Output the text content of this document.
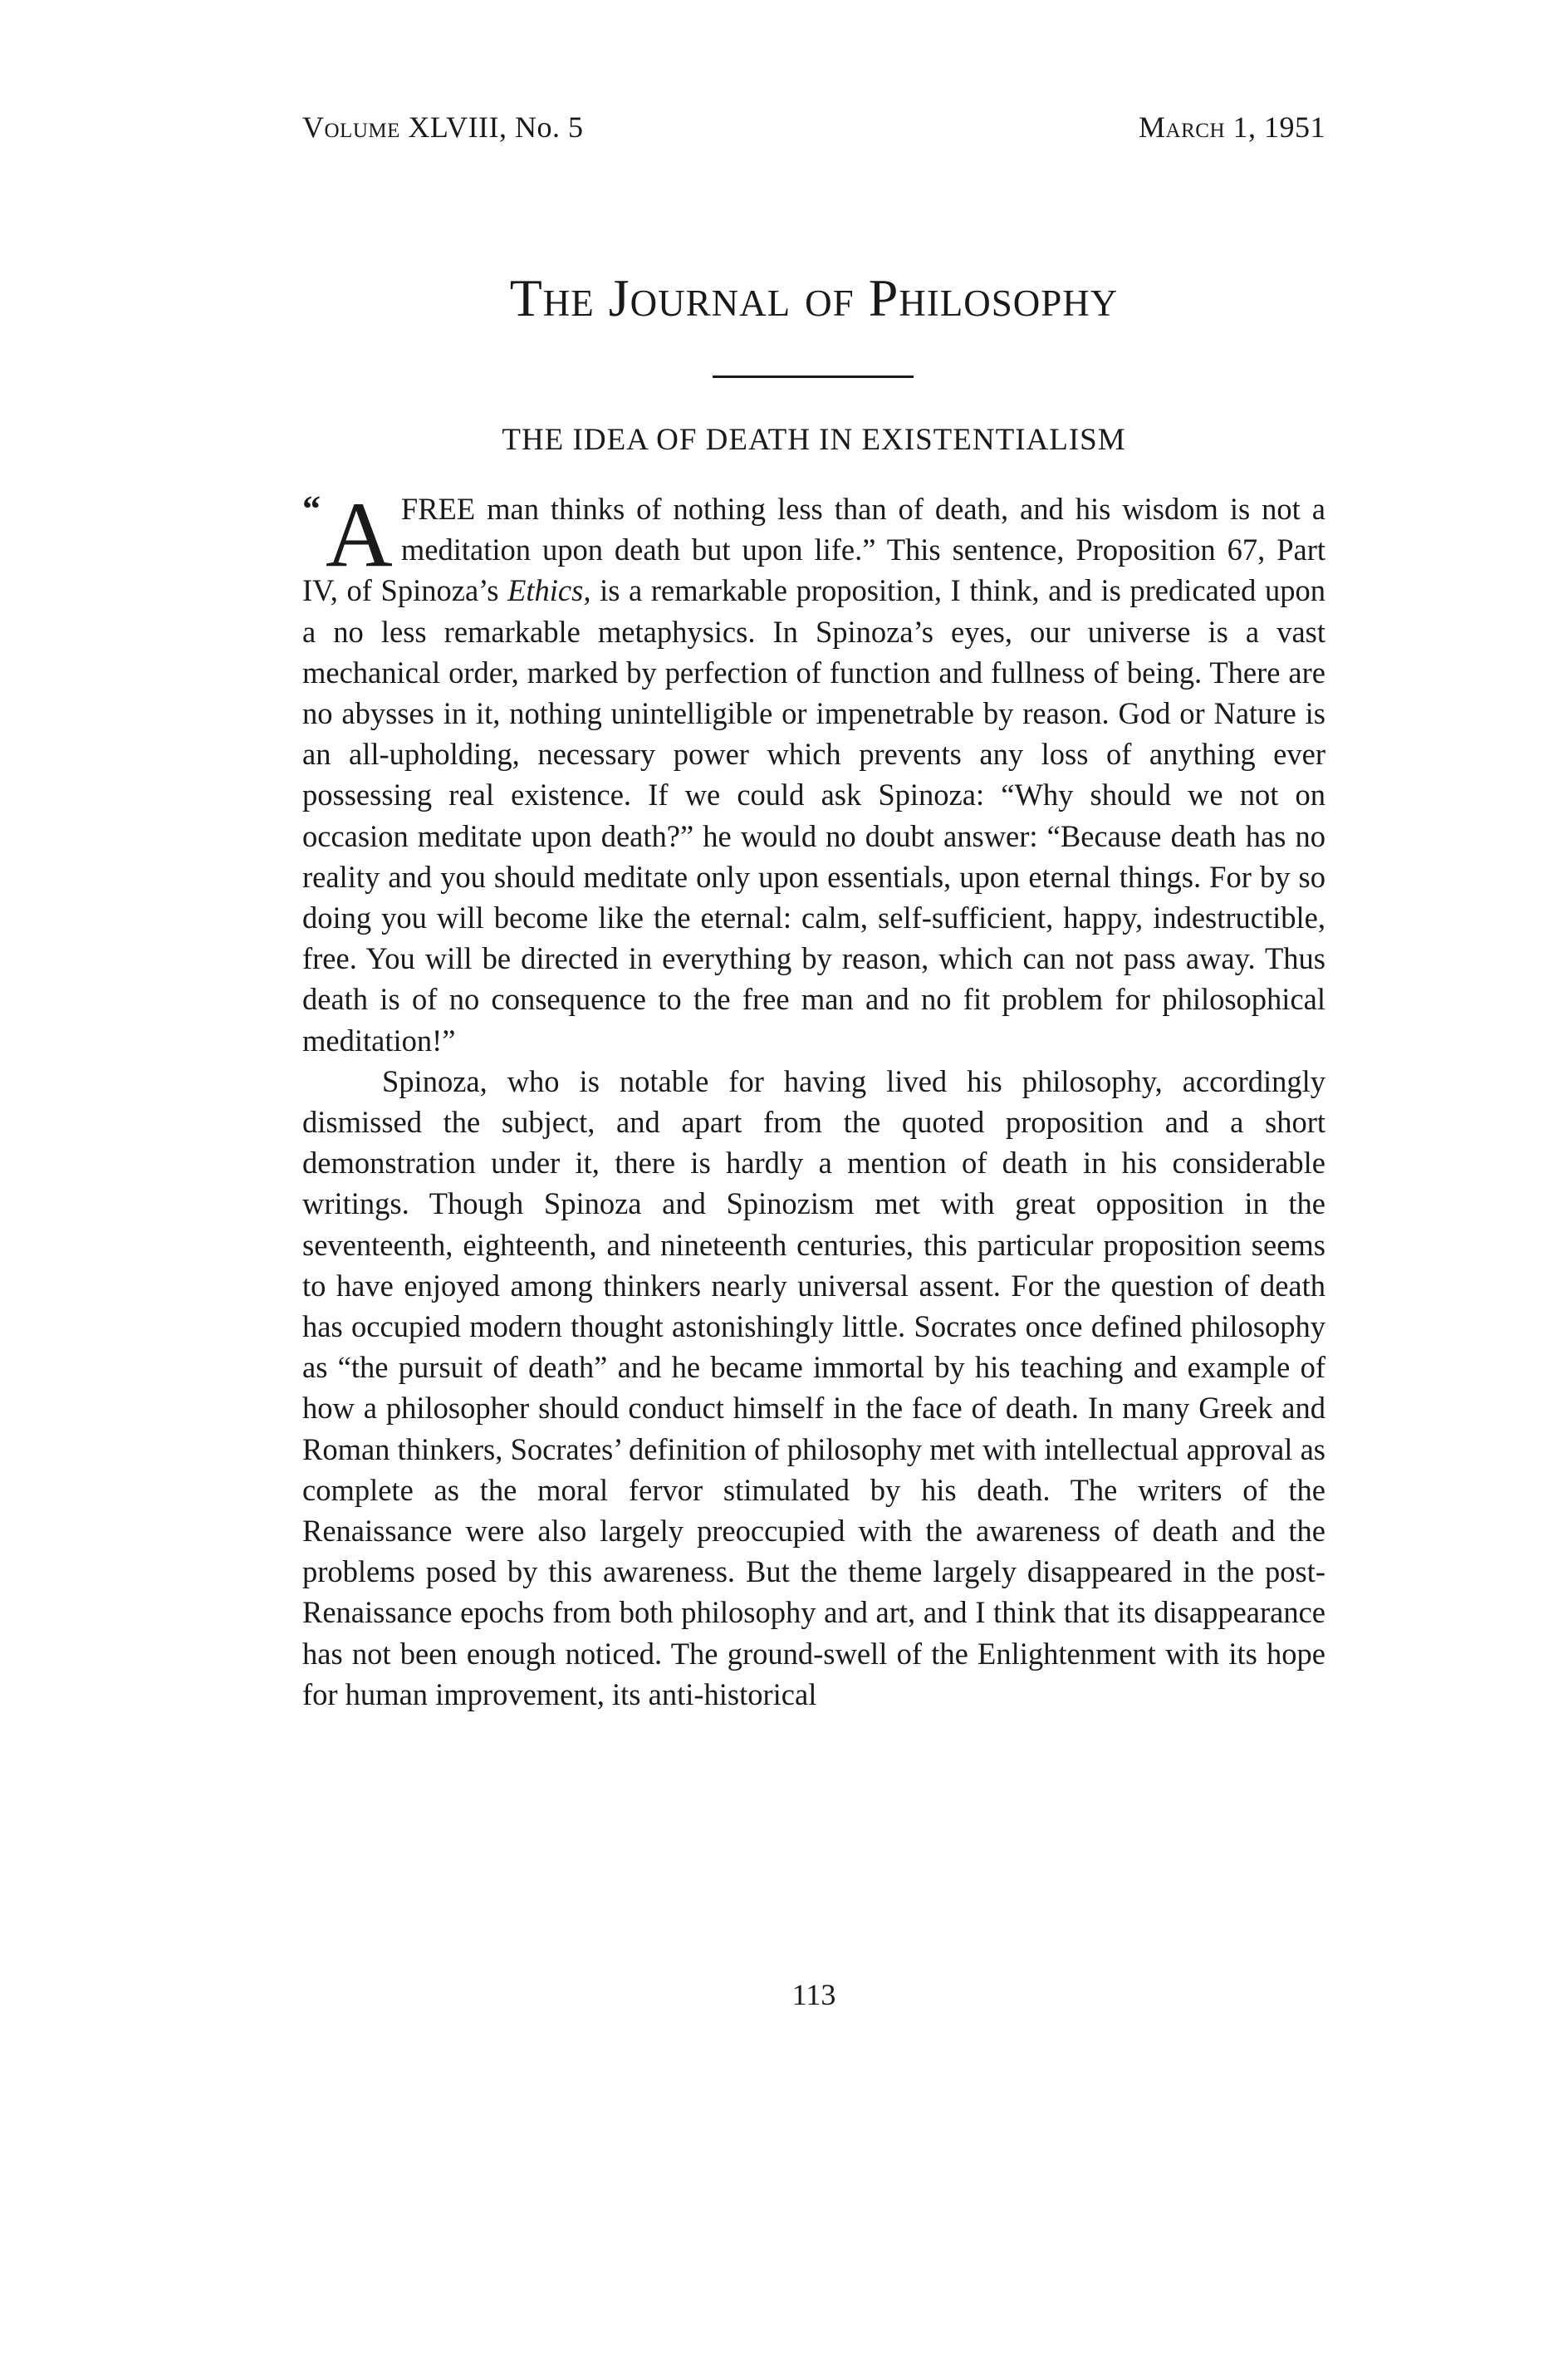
Volume XLVIII, No. 5	March 1, 1951
The Journal of Philosophy
THE IDEA OF DEATH IN EXISTENTIALISM

“ A FREE man thinks of nothing less than of death, and his wisdom is not a meditation upon death but upon life.” This sentence, Proposition 67, Part IV, of Spinoza’s Ethics, is a remarkable proposition, I think, and is predicated upon a no less remarkable metaphysics. In Spinoza’s eyes, our universe is a vast mechanical order, marked by perfection of function and fullness of being. There are no abysses in it, nothing unintelligible or impenetrable by reason. God or Nature is an all-upholding, necessary power which prevents any loss of anything ever possessing real existence. If we could ask Spinoza: “Why should we not on occasion meditate upon death?” he would no doubt answer: “Because death has no reality and you should meditate only upon essentials, upon eternal things. For by so doing you will become like the eternal: calm, self-sufficient, happy, indestructible, free. You will be directed in everything by reason, which can not pass away. Thus death is of no consequence to the free man and no fit problem for philosophical meditation!”

Spinoza, who is notable for having lived his philosophy, accordingly dismissed the subject, and apart from the quoted proposition and a short demonstration under it, there is hardly a mention of death in his considerable writings. Though Spinoza and Spinozism met with great opposition in the seventeenth, eighteenth, and nineteenth centuries, this particular proposition seems to have enjoyed among thinkers nearly universal assent. For the question of death has occupied modern thought astonishingly little. Socrates once defined philosophy as “the pursuit of death” and he became immortal by his teaching and example of how a philosopher should conduct himself in the face of death. In many Greek and Roman thinkers, Socrates’ definition of philosophy met with intellectual approval as complete as the moral fervor stimulated by his death. The writers of the Renaissance were also largely preoccupied with the awareness of death and the problems posed by this awareness. But the theme largely disappeared in the post-Renaissance epochs from both philosophy and art, and I think that its disappearance has not been enough noticed. The ground-swell of the Enlightenment with its hope for human improvement, its anti-historical

113
